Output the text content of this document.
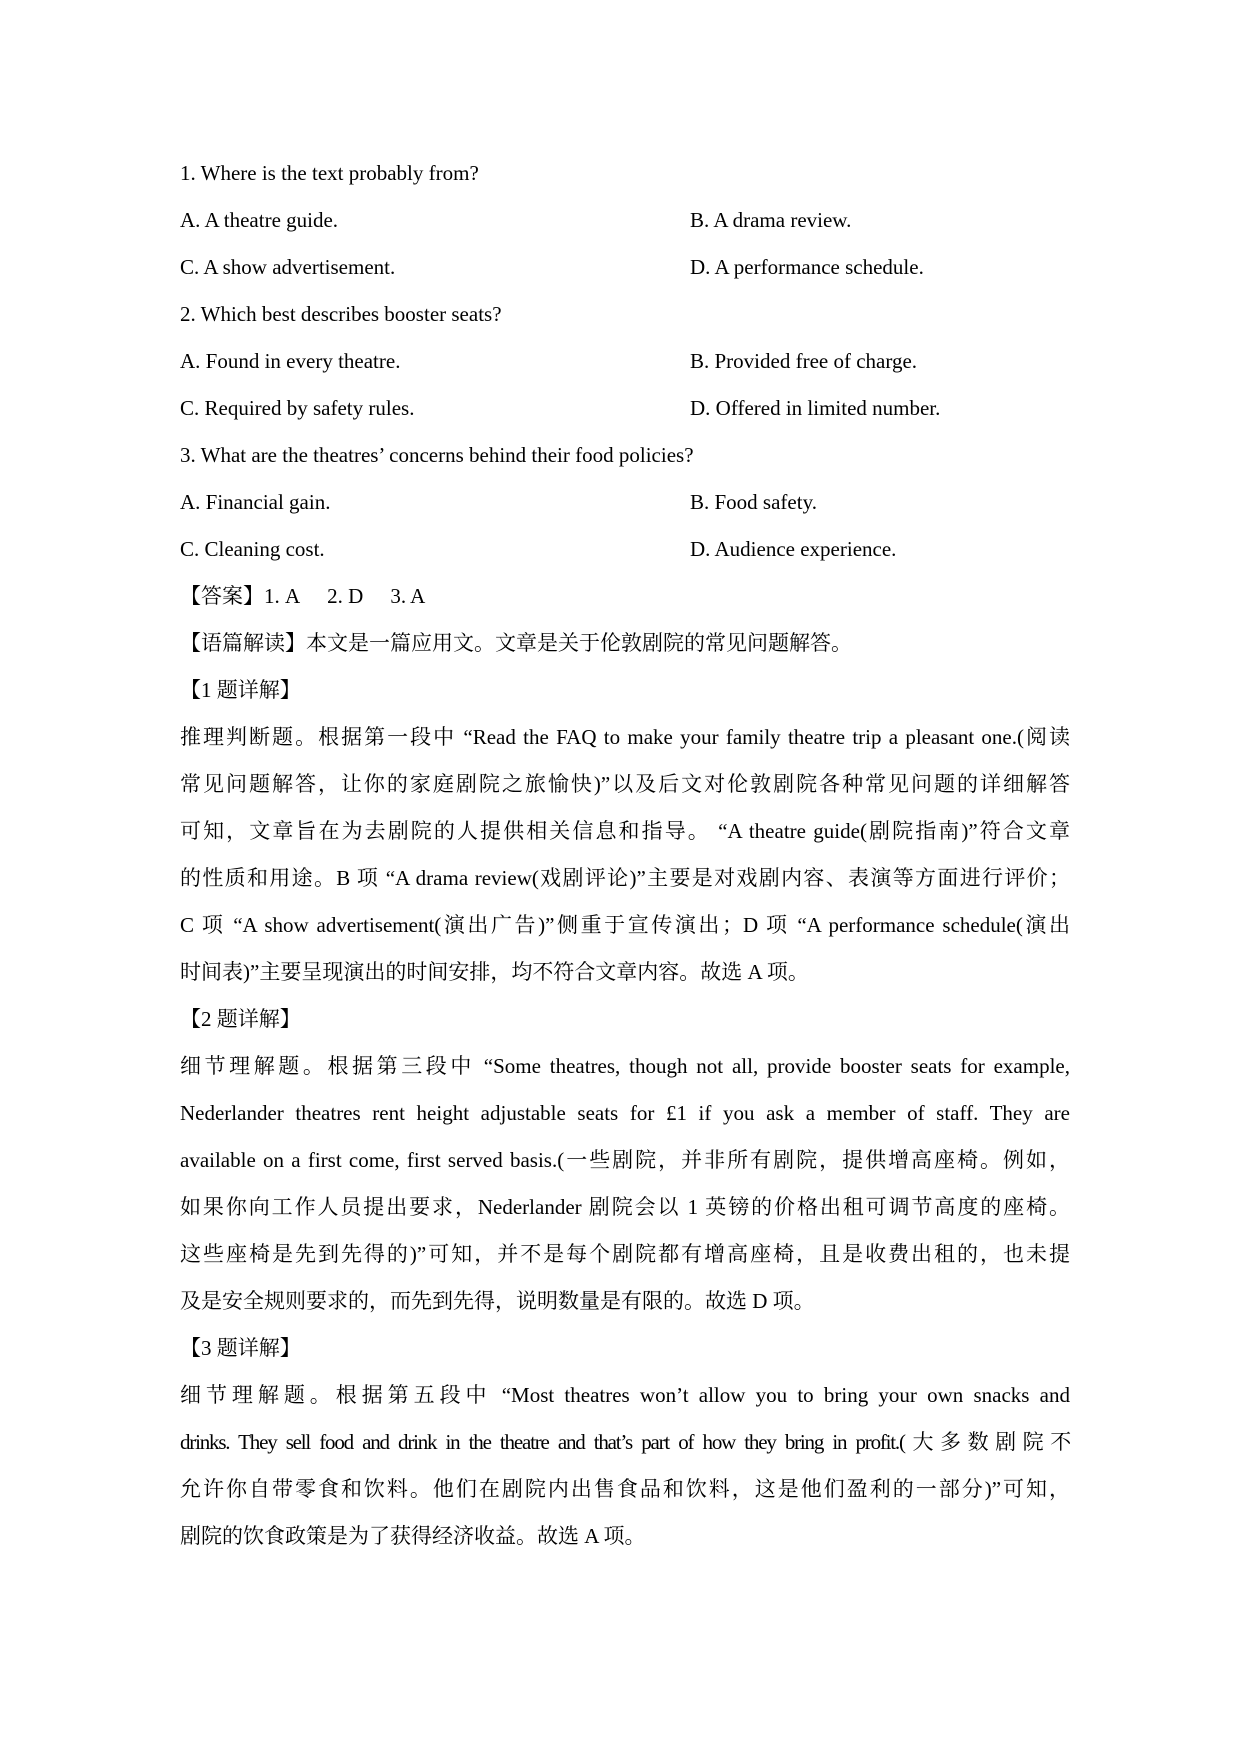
1. Where is the text probably from?
A. A theatre guide.	B. A drama review.
C. A show advertisement.	D. A performance schedule.
2. Which best describes booster seats?
A. Found in every theatre.	B. Provided free of charge.
C. Required by safety rules.	D. Offered in limited number.
3. What are the theatres’ concerns behind their food policies?
A. Financial gain.	B. Food safety.
C. Cleaning cost.	D. Audience experience.
【答案】1. A 2. D 3. A
【语篇解读】本文是一篇应用文。文章是关于伦敦剧院的常见问题解答。
【1 题详解】
推理判断题。根据第一段中 “Read the FAQ to make your family theatre trip a pleasant one.(阅读
常见问题解答，让你的家庭剧院之旅愉快)”以及后文对伦敦剧院各种常见问题的详细解答
可知，文章旨在为去剧院的人提供相关信息和指导。 “A theatre guide(剧院指南)”符合文章
的性质和用途。B 项 “A drama review(戏剧评论)”主要是对戏剧内容、表演等方面进行评价；
C 项 “A show advertisement(演出广告)”侧重于宣传演出；D 项 “A performance schedule(演出
时间表)”主要呈现演出的时间安排，均不符合文章内容。故选 A 项。
【2 题详解】
细节理解题。根据第三段中 “Some theatres, though not all, provide booster seats for example,
Nederlander theatres rent height adjustable seats for £1 if you ask a member of staff. They are
available on a first come, first served basis.(一些剧院，并非所有剧院，提供增高座椅。例如，
如果你向工作人员提出要求，Nederlander 剧院会以 1 英镑的价格出租可调节高度的座椅。
这些座椅是先到先得的)”可知，并不是每个剧院都有增高座椅，且是收费出租的，也未提
及是安全规则要求的，而先到先得，说明数量是有限的。故选 D 项。
【3 题详解】
细节理解题。根据第五段中 “Most theatres won’t allow you to bring your own snacks and
drinks. They sell food and drink in the theatre and that’s part of how they bring in profit.(大多数剧院不
允许你自带零食和饮料。他们在剧院内出售食品和饮料，这是他们盈利的一部分)”可知，
剧院的饮食政策是为了获得经济收益。故选 A 项。
